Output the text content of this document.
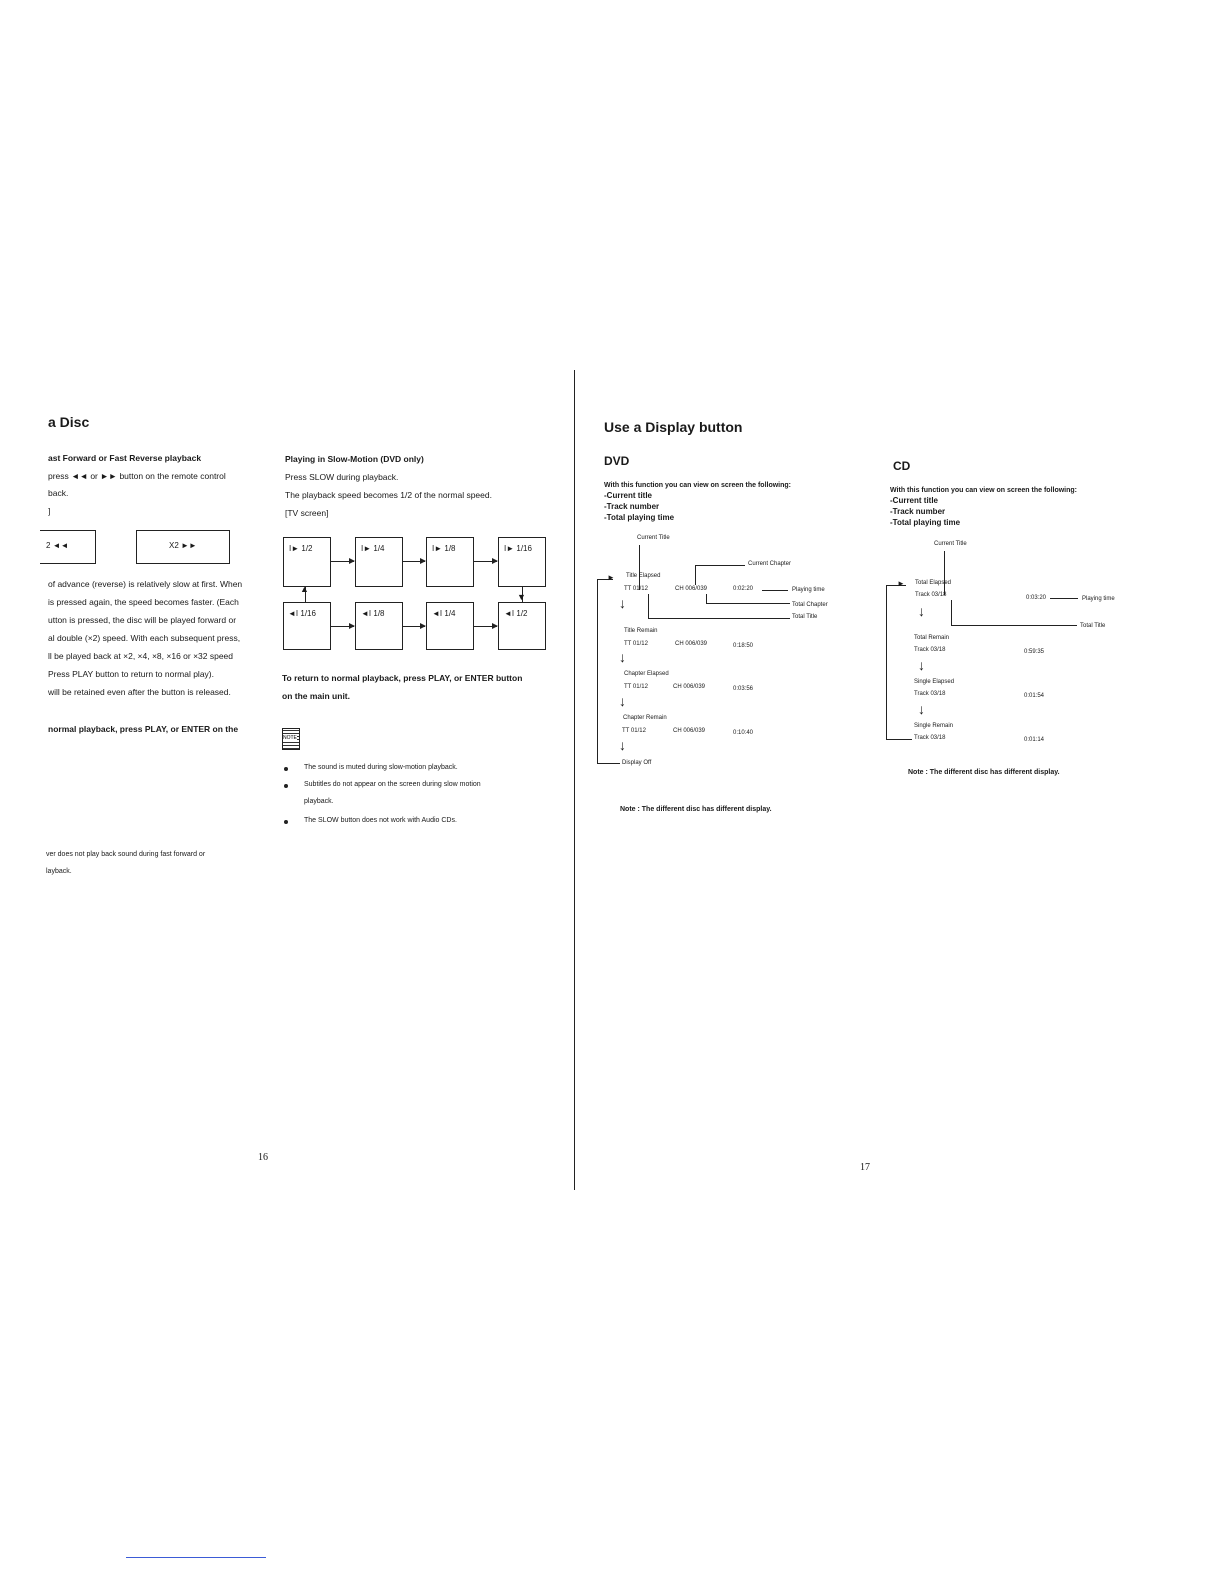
a Disc
ast Forward or Fast Reverse playback
press ◄◄ or ►► button on the remote control
back.
]
2 ◄◄	X2 ►►
of advance (reverse) is relatively slow at first. When
is pressed again, the speed becomes faster. (Each
utton is pressed, the disc will be played forward or
al double (×2) speed. With each subsequent press,
ll be played back at ×2, ×4, ×8, ×16 or ×32 speed
Press PLAY button to return to normal play).
will be retained even after the button is released.
normal playback, press PLAY, or ENTER on the
ver does not play back sound during fast forward or
layback.
Playing in Slow-Motion (DVD only)
Press SLOW during playback.
The playback speed becomes 1/2 of the normal speed.
[TV screen]
I► 1/2	I► 1/4	I► 1/8	I► 1/16
◄I 1/16	◄I 1/8	◄I 1/4	◄I 1/2
▼
▲
To return to normal playback, press PLAY, or ENTER button
on the main unit.
NOTE
The sound is muted during slow-motion playback.
Subtitles do not appear on the screen during slow motion
playback.
The SLOW button does not work with Audio CDs.
16
Use a Display button
DVD
With this function you can view on screen the following:
-Current title
-Track number
-Total playing time
Current Title
Current Chapter
► Title Elapsed
TT 01/12	CH 006/039	0:02:20	Playing time
Total Chapter
Total Title
↓
Title Remain
TT 01/12	CH 006/039	0:18:50
↓
Chapter Elapsed
TT 01/12	CH 006/039	0:03:56
↓
Chapter Remain
TT 01/12	CH 006/039	0:10:40
↓
Display Off
Note : The different disc has different display.
CD
With this function you can view on screen the following:
-Current title
-Track number
-Total playing time
Current Title
► Total Elapsed
Track 03/18	0:03:20	Playing time
Total Title
↓
Total Remain
Track 03/18	0:59:35
↓
Single Elapsed
Track 03/18	0:01:54
↓
Single Remain
Track 03/18	0:01:14
Note : The different disc has different display.
17
